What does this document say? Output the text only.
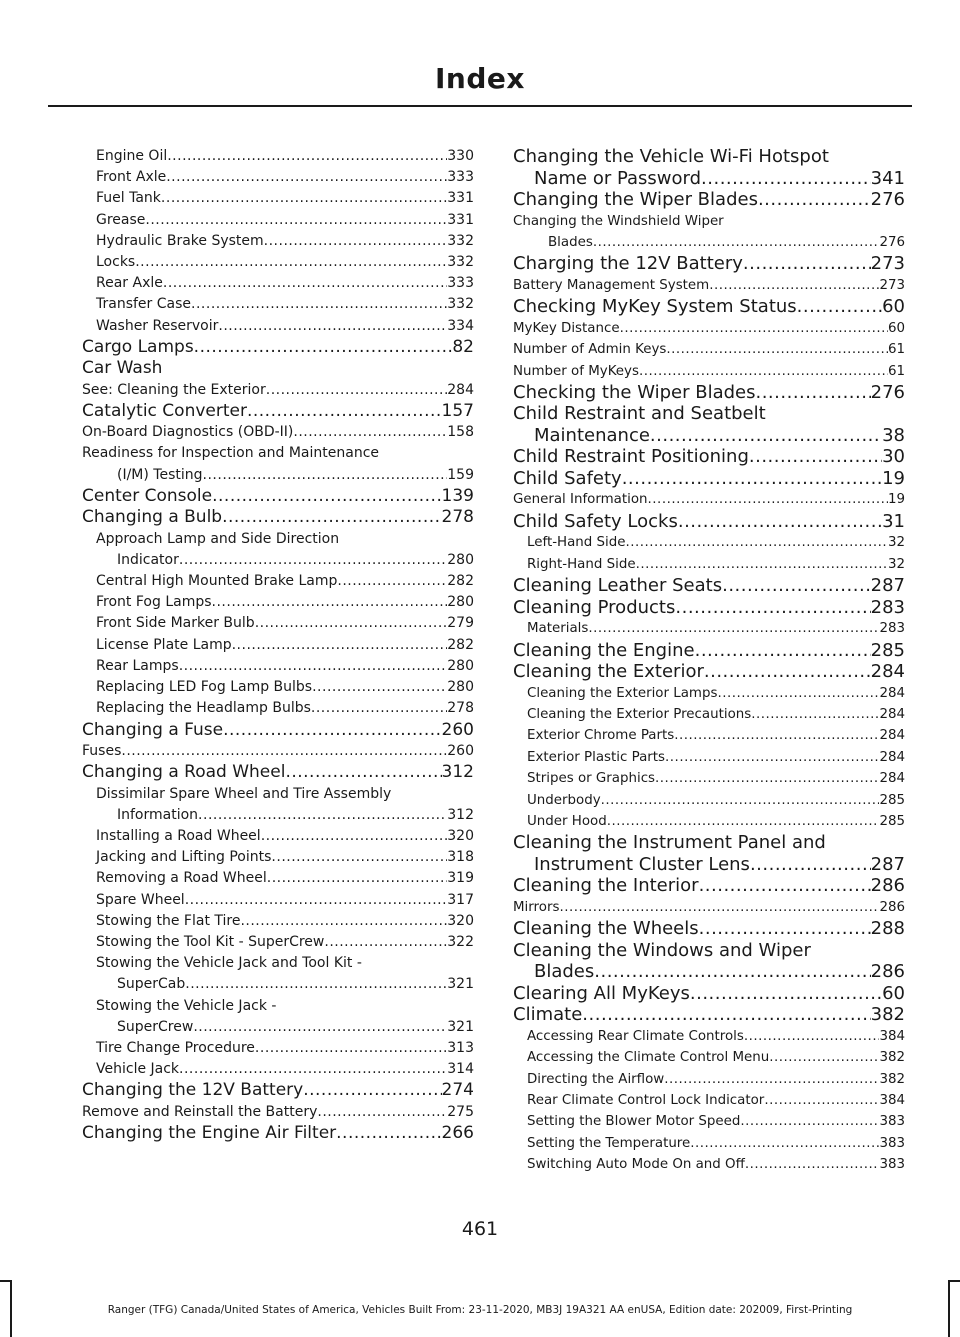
Index
Engine Oil .....	330
Front Axle .....	333
Fuel Tank .....	331
Grease .....	331
Hydraulic Brake System .....	332
Locks .....	332
Rear Axle .....	333
Transfer Case .....	332
Washer Reservoir .....	334
Cargo Lamps .....	82
Car Wash
See: Cleaning the Exterior .....	284
Catalytic Converter .....	157
On-Board Diagnostics (OBD-II) .....	158
Readiness for Inspection and Maintenance
(I/M) Testing .....	159
Center Console .....	139
Changing a Bulb .....	278
Approach Lamp and Side Direction
Indicator .....	280
Central High Mounted Brake Lamp .....	282
Front Fog Lamps .....	280
Front Side Marker Bulb .....	279
License Plate Lamp .....	282
Rear Lamps .....	280
Replacing LED Fog Lamp Bulbs .....	280
Replacing the Headlamp Bulbs .....	278
Changing a Fuse .....	260
Fuses .....	260
Changing a Road Wheel .....	312
Dissimilar Spare Wheel and Tire Assembly
Information .....	312
Installing a Road Wheel .....	320
Jacking and Lifting Points .....	318
Removing a Road Wheel .....	319
Spare Wheel .....	317
Stowing the Flat Tire .....	320
Stowing the Tool Kit - SuperCrew .....	322
Stowing the Vehicle Jack and Tool Kit -
SuperCab .....	321
Stowing the Vehicle Jack -
SuperCrew .....	321
Tire Change Procedure .....	313
Vehicle Jack .....	314
Changing the 12V Battery .....	274
Remove and Reinstall the Battery .....	275
Changing the Engine Air Filter .....	266
Changing the Vehicle Wi-Fi Hotspot
Name or Password .....	341
Changing the Wiper Blades .....	276
Changing the Windshield Wiper
Blades .....	276
Charging the 12V Battery .....	273
Battery Management System .....	273
Checking MyKey System Status .....	60
MyKey Distance .....	60
Number of Admin Keys .....	61
Number of MyKeys .....	61
Checking the Wiper Blades .....	276
Child Restraint and Seatbelt
Maintenance .....	38
Child Restraint Positioning .....	30
Child Safety .....	19
General Information .....	19
Child Safety Locks .....	31
Left-Hand Side .....	32
Right-Hand Side .....	32
Cleaning Leather Seats .....	287
Cleaning Products .....	283
Materials .....	283
Cleaning the Engine .....	285
Cleaning the Exterior .....	284
Cleaning the Exterior Lamps .....	284
Cleaning the Exterior Precautions .....	284
Exterior Chrome Parts .....	284
Exterior Plastic Parts .....	284
Stripes or Graphics .....	284
Underbody .....	285
Under Hood .....	285
Cleaning the Instrument Panel and
Instrument Cluster Lens .....	287
Cleaning the Interior .....	286
Mirrors .....	286
Cleaning the Wheels .....	288
Cleaning the Windows and Wiper
Blades .....	286
Clearing All MyKeys .....	60
Climate .....	382
Accessing Rear Climate Controls .....	384
Accessing the Climate Control Menu .....	382
Directing the Airflow .....	382
Rear Climate Control Lock Indicator .....	384
Setting the Blower Motor Speed .....	383
Setting the Temperature .....	383
Switching Auto Mode On and Off .....	383
461
Ranger (TFG) Canada/United States of America, Vehicles Built From: 23-11-2020, MB3J 19A321 AA enUSA, Edition date: 202009, First-Printing
